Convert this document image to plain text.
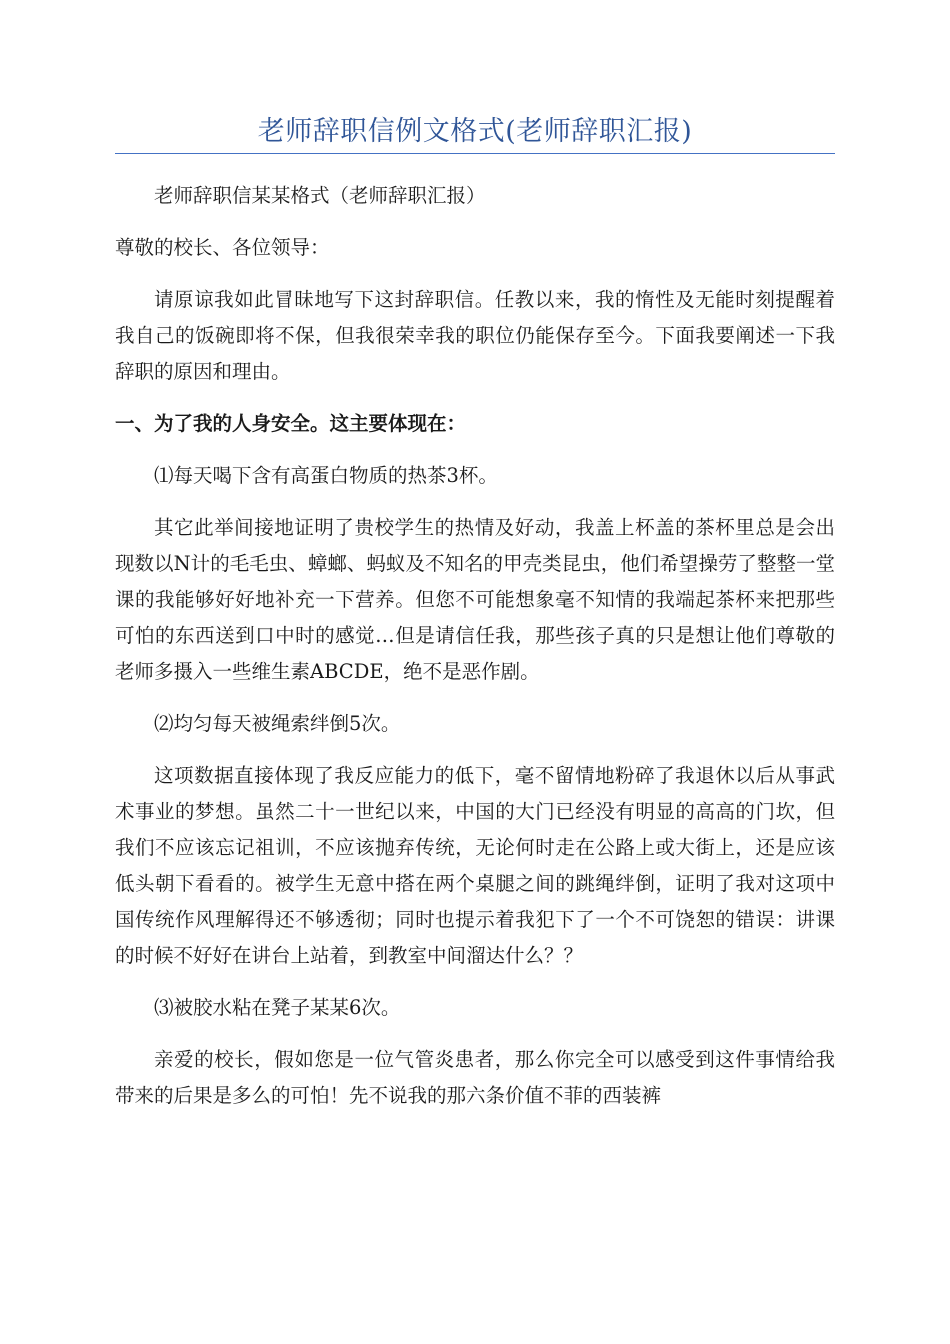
老师辞职信例文格式(老师辞职汇报)

老师辞职信某某格式（老师辞职汇报）

尊敬的校长、各位领导：

请原谅我如此冒昧地写下这封辞职信。任教以来，我的惰性及无能时刻提醒着我自己的饭碗即将不保，但我很荣幸我的职位仍能保存至今。下面我要阐述一下我辞职的原因和理由。

一、为了我的人身安全。这主要体现在：

⑴每天喝下含有高蛋白物质的热茶3杯。

其它此举间接地证明了贵校学生的热情及好动，我盖上杯盖的茶杯里总是会出现数以N计的毛毛虫、蟑螂、蚂蚁及不知名的甲壳类昆虫，他们希望操劳了整整一堂课的我能够好好地补充一下营养。但您不可能想象毫不知情的我端起茶杯来把那些可怕的东西送到口中时的感觉…但是请信任我，那些孩子真的只是想让他们尊敬的老师多摄入一些维生素ABCDE，绝不是恶作剧。

⑵均匀每天被绳索绊倒5次。

这项数据直接体现了我反应能力的低下，毫不留情地粉碎了我退休以后从事武术事业的梦想。虽然二十一世纪以来，中国的大门已经没有明显的高高的门坎，但我们不应该忘记祖训，不应该抛弃传统，无论何时走在公路上或大街上，还是应该低头朝下看看的。被学生无意中搭在两个桌腿之间的跳绳绊倒，证明了我对这项中国传统作风理解得还不够透彻；同时也提示着我犯下了一个不可饶恕的错误：讲课的时候不好好在讲台上站着，到教室中间溜达什么？？

⑶被胶水粘在凳子某某6次。

亲爱的校长，假如您是一位气管炎患者，那么你完全可以感受到这件事情给我带来的后果是多么的可怕！先不说我的那六条价值不菲的西装裤
